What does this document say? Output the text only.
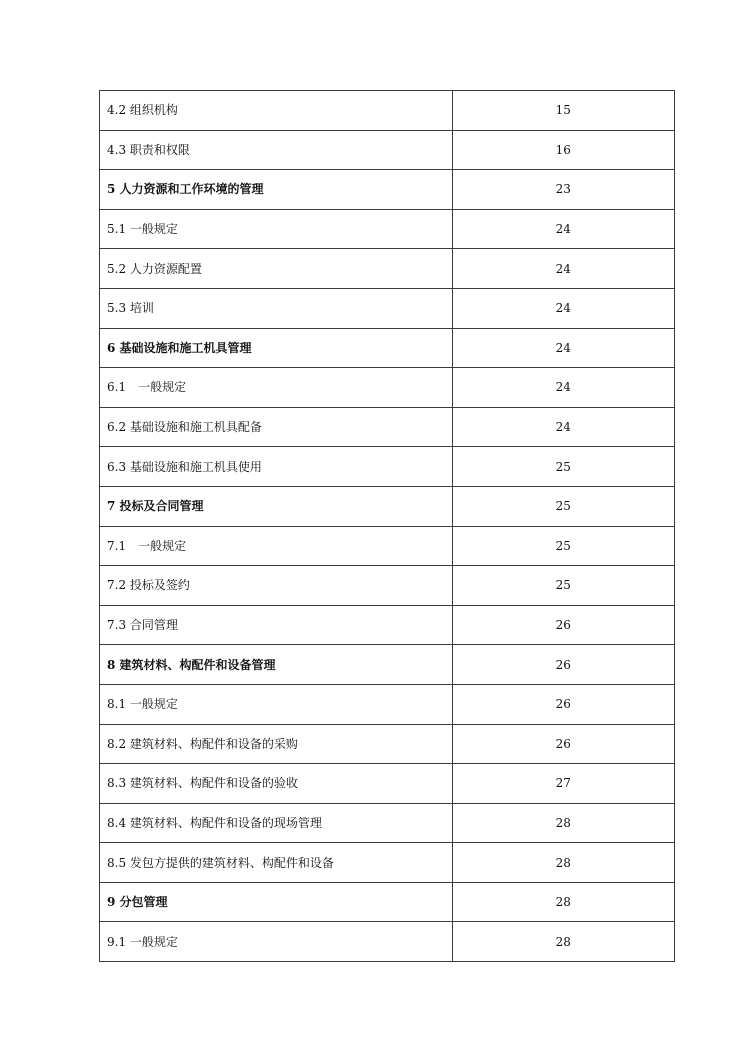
4.2 组织机构	15
4.3 职责和权限	16
5 人力资源和工作环境的管理	23
5.1 一般规定	24
5.2 人力资源配置	24
5.3 培训	24
6 基础设施和施工机具管理	24
6.1　一般规定	24
6.2 基础设施和施工机具配备	24
6.3 基础设施和施工机具使用	25
7 投标及合同管理	25
7.1　一般规定	25
7.2 投标及签约	25
7.3 合同管理	26
8 建筑材料、构配件和设备管理	26
8.1 一般规定	26
8.2 建筑材料、构配件和设备的采购	26
8.3 建筑材料、构配件和设备的验收	27
8.4 建筑材料、构配件和设备的现场管理	28
8.5 发包方提供的建筑材料、构配件和设备	28
9 分包管理	28
9.1 一般规定	28
